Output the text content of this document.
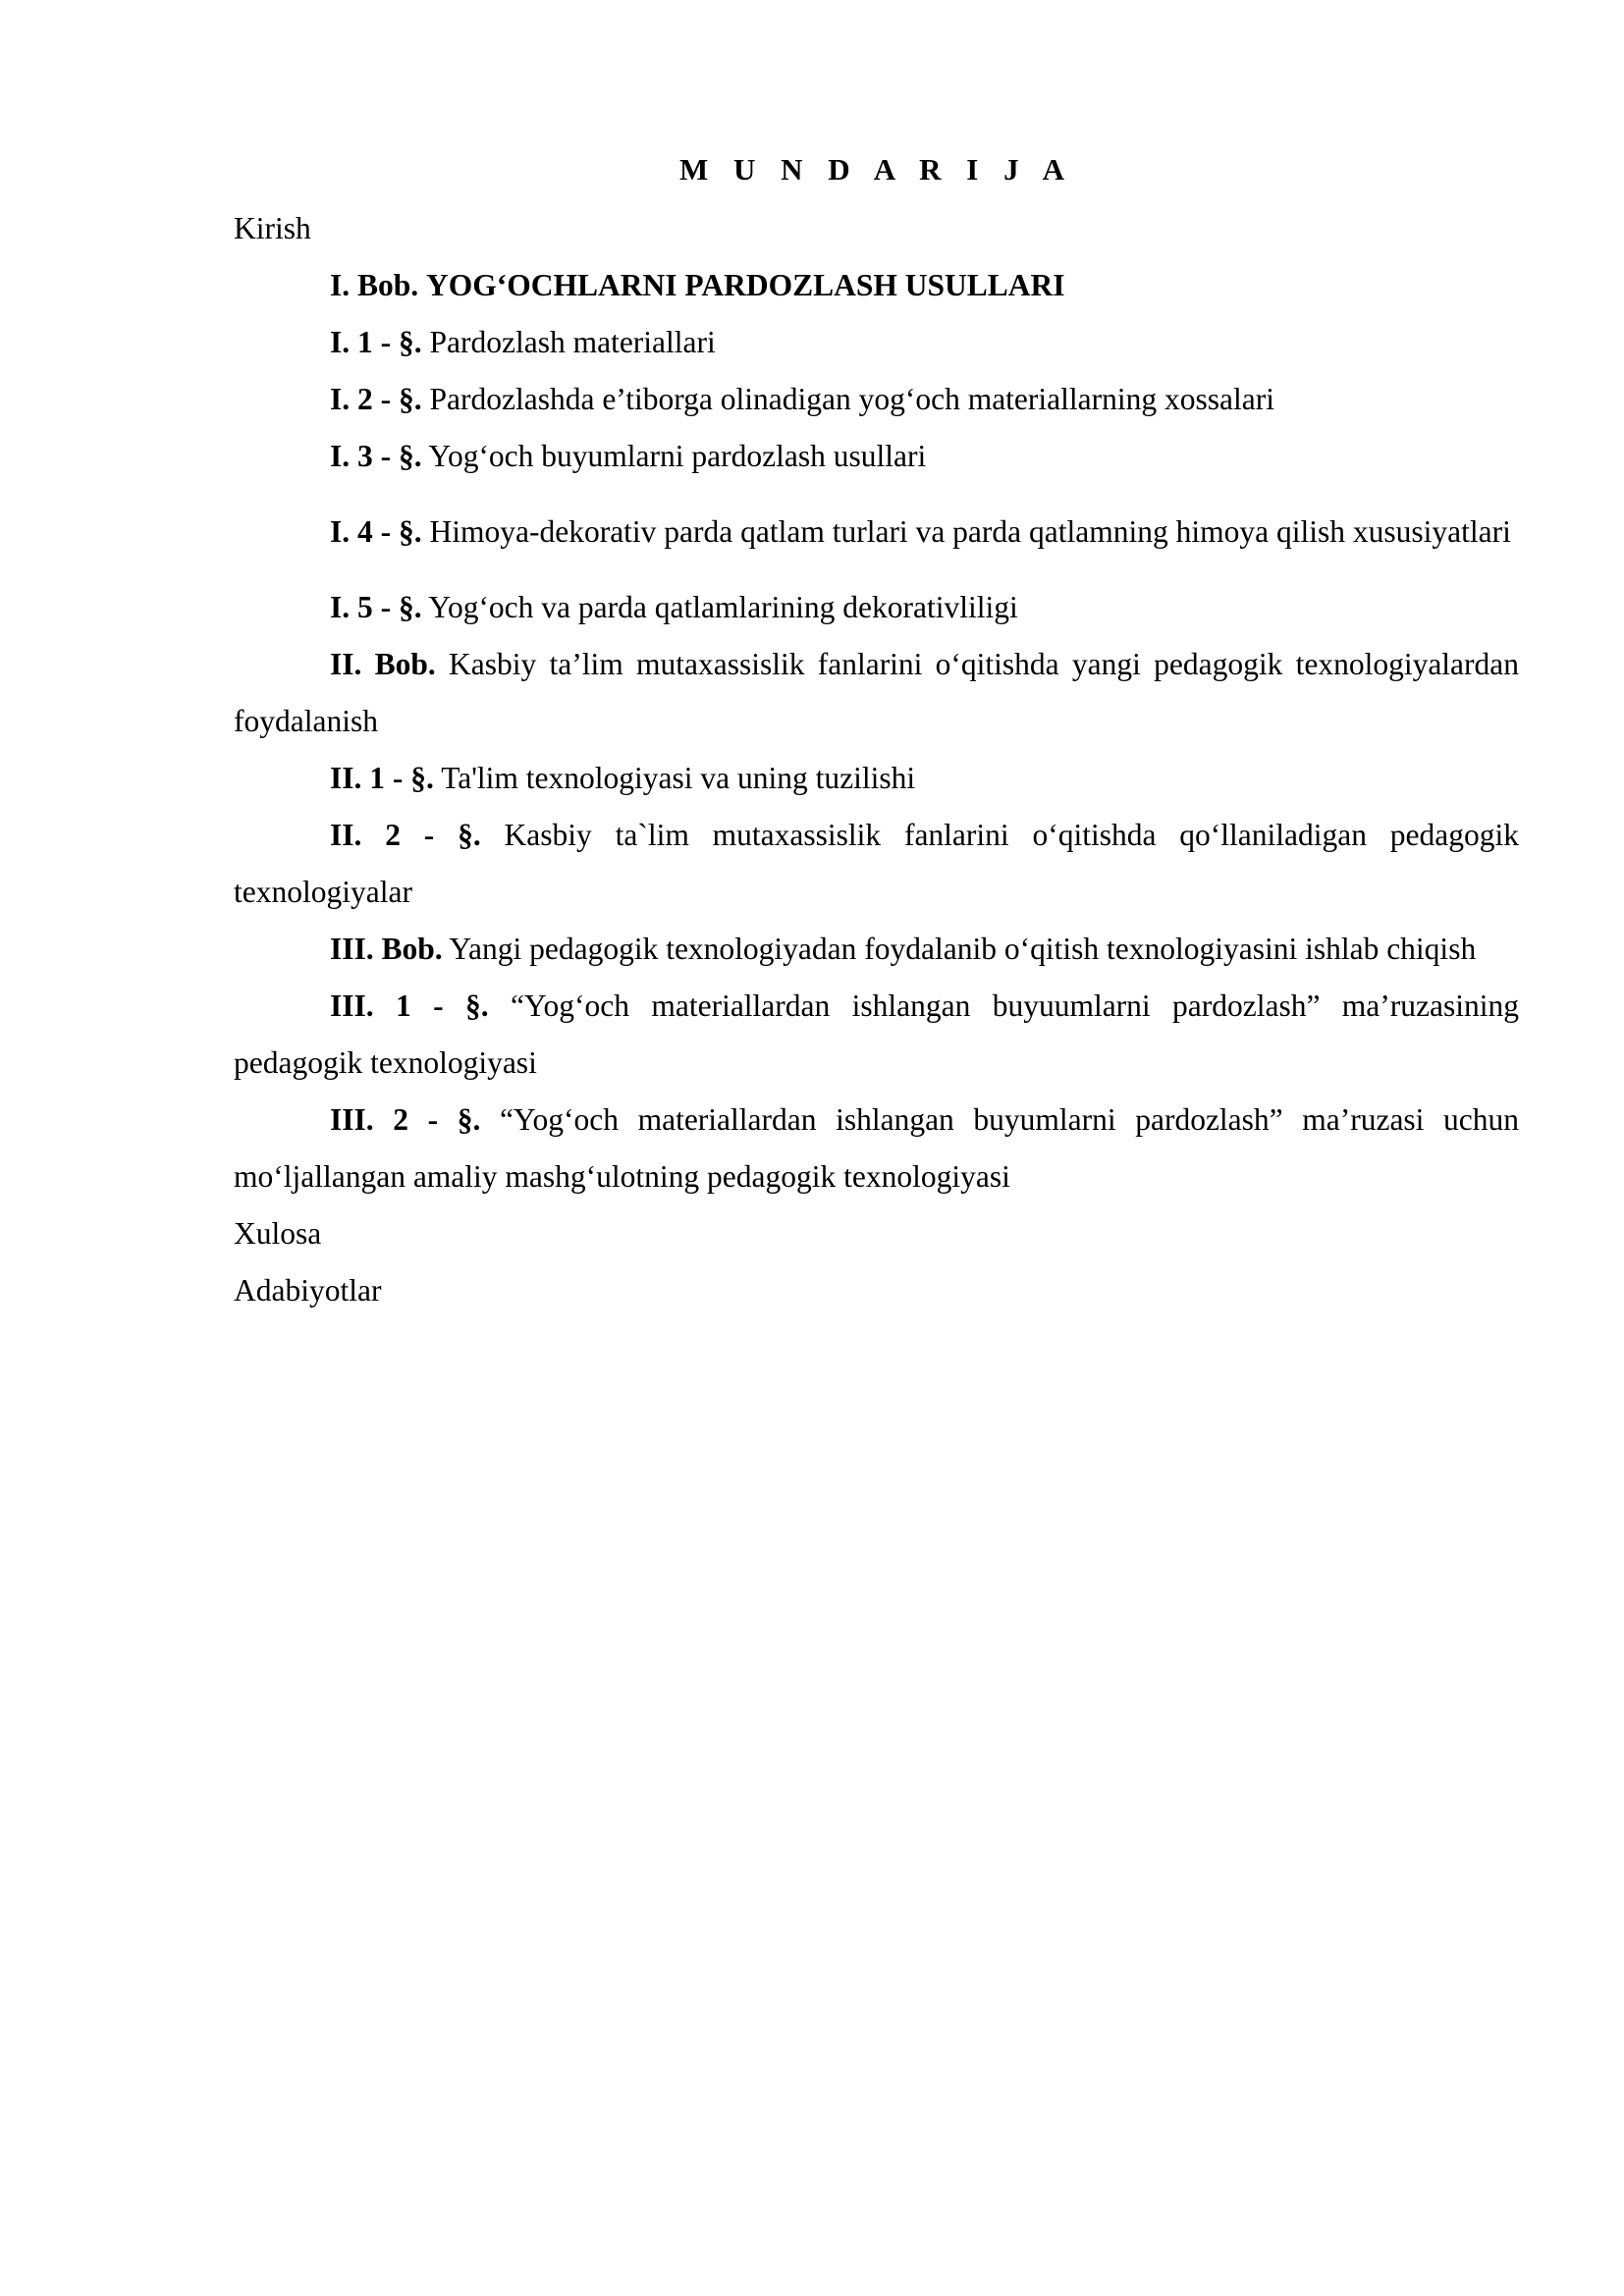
M U N D A R I J A

Kirish

I. Bob. YOG‘OCHLARNI PARDOZLASH USULLARI

I. 1 - §. Pardozlash materiallari

I. 2 - §. Pardozlashda e’tiborga olinadigan yog‘och materiallarning xossalari

I. 3 - §. Yog‘och buyumlarni pardozlash usullari

I. 4 - §. Himoya-dekorativ parda qatlam turlari va parda qatlamning himoya qilish xususiyatlari

I. 5 - §. Yog‘och va parda qatlamlarining dekorativliligi

II. Bob. Kasbiy ta’lim mutaxassislik fanlarini o‘qitishda yangi pedagogik texnologiyalardan foydalanish

II. 1 - §. Ta'lim texnologiyasi va uning tuzilishi

II. 2 - §. Kasbiy ta`lim mutaxassislik fanlarini o‘qitishda qo‘llaniladigan pedagogik texnologiyalar

III. Bob. Yangi pedagogik texnologiyadan foydalanib o‘qitish texnologiyasini ishlab chiqish

III. 1 - §. “Yog‘och materiallardan ishlangan buyuumlarni pardozlash” ma’ruzasining pedagogik texnologiyasi

III. 2 - §. “Yog‘och materiallardan ishlangan buyumlarni pardozlash” ma’ruzasi uchun mo‘ljallangan amaliy mashg‘ulotning pedagogik texnologiyasi

Xulosa

Adabiyotlar
